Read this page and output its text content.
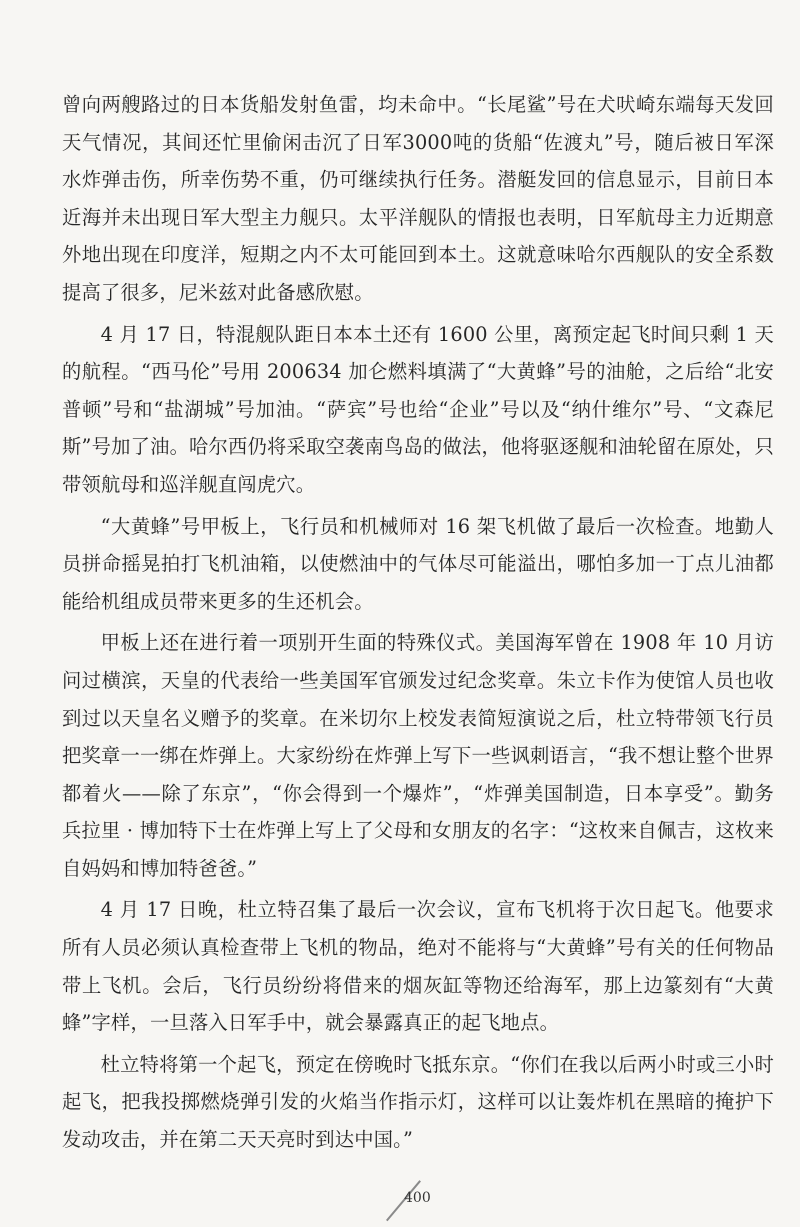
曾向两艘路过的日本货船发射鱼雷，均未命中。“长尾鲨”号在犬吠崎东端每天发回天气情况，其间还忙里偷闲击沉了日军3000吨的货船“佐渡丸”号，随后被日军深水炸弹击伤，所幸伤势不重，仍可继续执行任务。潜艇发回的信息显示，目前日本近海并未出现日军大型主力舰只。太平洋舰队的情报也表明，日军航母主力近期意外地出现在印度洋，短期之内不太可能回到本土。这就意味哈尔西舰队的安全系数提高了很多，尼米兹对此备感欣慰。

4 月 17 日，特混舰队距日本本土还有 1600 公里，离预定起飞时间只剩 1 天的航程。“西马伦”号用 200634 加仑燃料填满了“大黄蜂”号的油舱，之后给“北安普顿”号和“盐湖城”号加油。“萨宾”号也给“企业”号以及“纳什维尔”号、“文森尼斯”号加了油。哈尔西仍将采取空袭南鸟岛的做法，他将驱逐舰和油轮留在原处，只带领航母和巡洋舰直闯虎穴。

“大黄蜂”号甲板上，飞行员和机械师对 16 架飞机做了最后一次检查。地勤人员拼命摇晃拍打飞机油箱，以使燃油中的气体尽可能溢出，哪怕多加一丁点儿油都能给机组成员带来更多的生还机会。

甲板上还在进行着一项别开生面的特殊仪式。美国海军曾在 1908 年 10 月访问过横滨，天皇的代表给一些美国军官颁发过纪念奖章。朱立卡作为使馆人员也收到过以天皇名义赠予的奖章。在米切尔上校发表简短演说之后，杜立特带领飞行员把奖章一一绑在炸弹上。大家纷纷在炸弹上写下一些讽刺语言，“我不想让整个世界都着火——除了东京”，“你会得到一个爆炸”，“炸弹美国制造，日本享受”。勤务兵拉里 · 博加特下士在炸弹上写上了父母和女朋友的名字：“这枚来自佩吉，这枚来自妈妈和博加特爸爸。”

4 月 17 日晚，杜立特召集了最后一次会议，宣布飞机将于次日起飞。他要求所有人员必须认真检查带上飞机的物品，绝对不能将与“大黄蜂”号有关的任何物品带上飞机。会后，飞行员纷纷将借来的烟灰缸等物还给海军，那上边篆刻有“大黄蜂”字样，一旦落入日军手中，就会暴露真正的起飞地点。

杜立特将第一个起飞，预定在傍晚时飞抵东京。“你们在我以后两小时或三小时起飞，把我投掷燃烧弹引发的火焰当作指示灯，这样可以让轰炸机在黑暗的掩护下发动攻击，并在第二天天亮时到达中国。”

400
